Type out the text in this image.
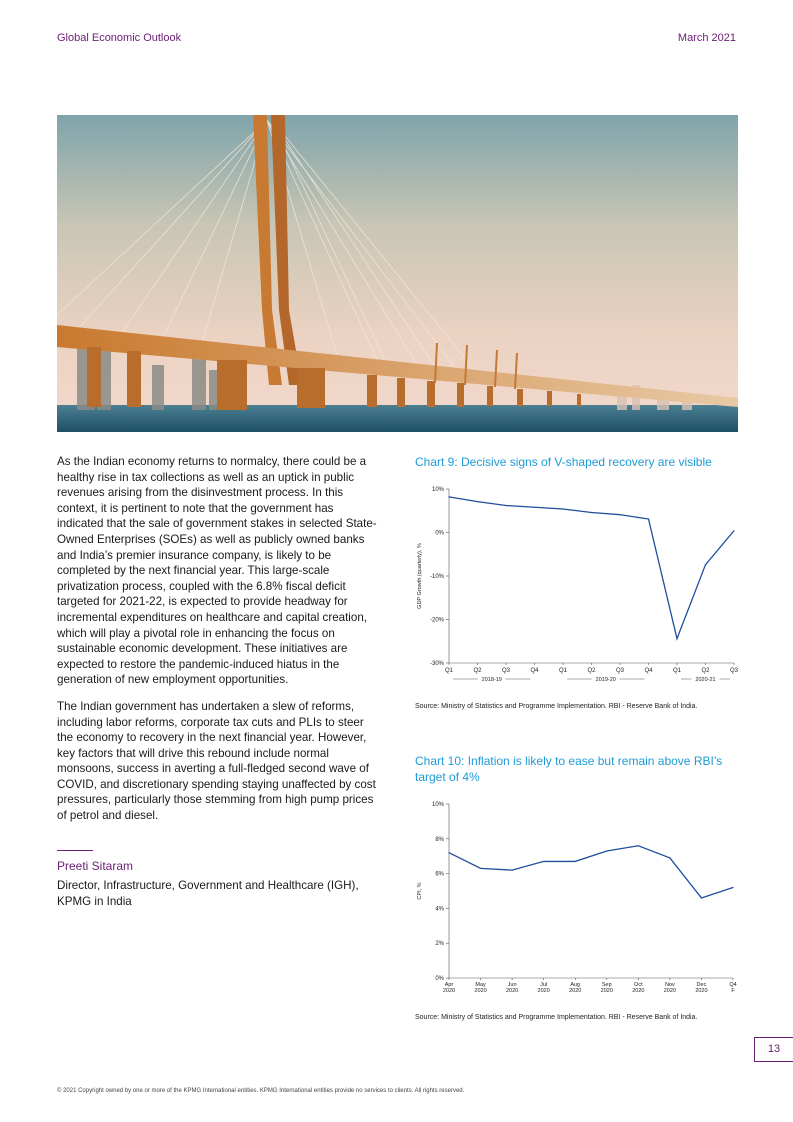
Global Economic Outlook	March 2021

As the Indian economy returns to normalcy, there could be a healthy rise in tax collections as well as an uptick in public revenues arising from the disinvestment process. In this context, it is pertinent to note that the government has indicated that the sale of government stakes in selected State-Owned Enterprises (SOEs) as well as publicly owned banks and India’s premier insurance company, is likely to be completed by the next financial year. This large-scale privatization process, coupled with the 6.8% fiscal deficit targeted for 2021-22, is expected to provide headway for incremental expenditures on healthcare and capital creation, which will play a pivotal role in enhancing the focus on sustainable economic development. These initiatives are expected to restore the pandemic-induced hiatus in the generation of new employment opportunities.

The Indian government has undertaken a slew of reforms, including labor reforms, corporate tax cuts and PLIs to steer the economy to recovery in the next financial year. However, key factors that will drive this rebound include normal monsoons, success in averting a full-fledged second wave of COVID, and discretionary spending staying unaffected by cost pressures, particularly those stemming from high pump prices of petrol and diesel.

Preeti Sitaram
Director, Infrastructure, Government and Healthcare (IGH), KPMG in India
Chart 9: Decisive signs of V-shaped recovery are visible
10%
0%
-10%
-20%
-30%
Q1	Q2	Q3	Q4	Q1	Q2	Q3	Q4	Q1	Q2	Q3
2018-19	2019-20	2020-21
GDP Growth (quarterly), %
Source: Ministry of Statistics and Programme Implementation. RBI - Reserve Bank of India.
Chart 10: Inflation is likely to ease but remain above RBI’s target of 4%
10%
8%
6%
4%
2%
0%
Apr
2020
May
2020
Jun
2020
Jul
2020
Aug
2020
Sep
2020
Oct
2020
Nov
2020
Dec
2020
Q4
F
CPI, %
Source: Ministry of Statistics and Programme Implementation. RBI - Reserve Bank of India.
13
© 2021 Copyright owned by one or more of the KPMG International entities. KPMG International entities provide no services to clients. All rights reserved.
